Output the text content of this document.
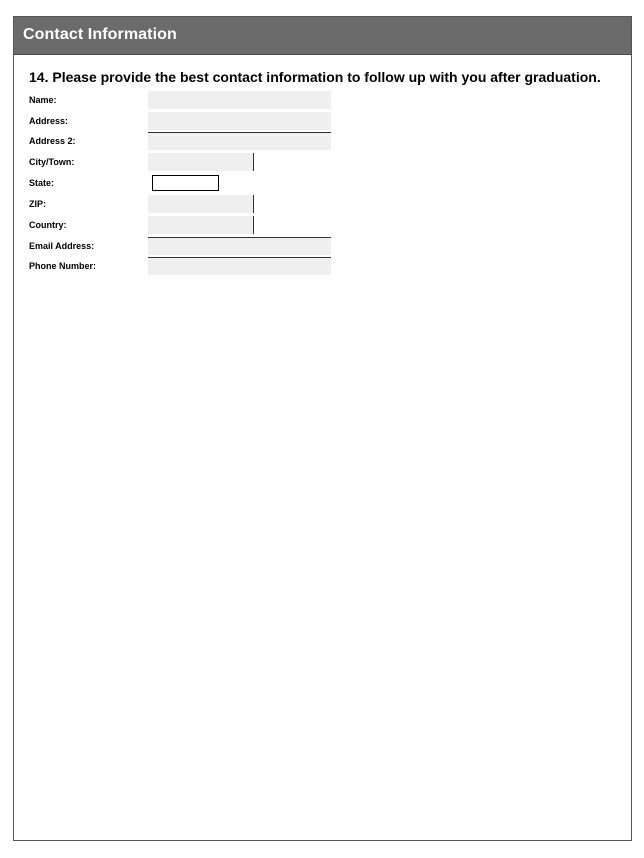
Contact Information
14. Please provide the best contact information to follow up with you after graduation.
Name:
Address:
Address 2:
City/Town:
State:
ZIP:
Country:
Email Address:
Phone Number:
